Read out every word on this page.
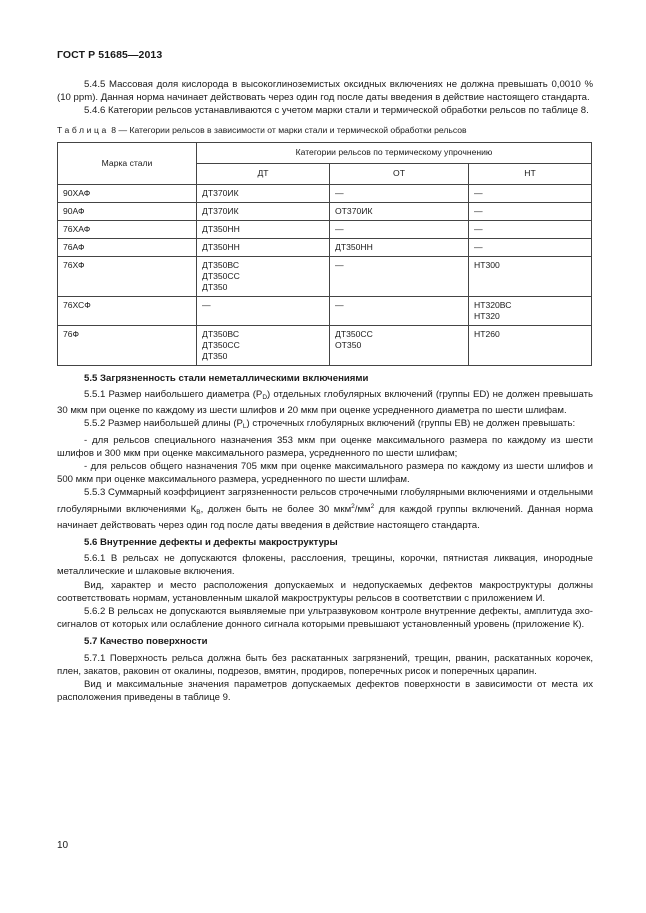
ГОСТ Р 51685—2013

5.4.5 Массовая доля кислорода в высокоглиноземистых оксидных включениях не должна превышать 0,0010 % (10 ppm). Данная норма начинает действовать через один год после даты введения в действие настоящего стандарта.

5.4.6 Категории рельсов устанавливаются с учетом марки стали и термической обработки рельсов по таблице 8.

Таблица 8 — Категории рельсов в зависимости от марки стали и термической обработки рельсов
Марка стали	Категории рельсов по термическому упрочнению		
	ДТ	ОТ	НТ
90ХАФ	ДТ370ИК	—	—
90АФ	ДТ370ИК	ОТ370ИК	—
76ХАФ	ДТ350НН	—	—
76АФ	ДТ350НН	ДТ350НН	—
76ХФ	ДТ350ВС
ДТ350СС
ДТ350	—	НТ300
76ХСФ	—	—	НТ320ВС
НТ320
76Ф	ДТ350ВС
ДТ350СС
ДТ350	ДТ350СС
ОТ350	НТ260

5.5 Загрязненность стали неметаллическими включениями

5.5.1 Размер наибольшего диаметра $(Р_D)$ отдельных глобулярных включений (группы ED) не должен превышать 30 мкм при оценке по каждому из шести шлифов и 20 мкм при оценке усредненного диаметра по шести шлифам.

5.5.2 Размер наибольшей длины $(Р_L)$ строчечных глобулярных включений (группы ЕВ) не должен превышать:

- для рельсов специального назначения 353 мкм при оценке максимального размера по каждому из шести шлифов и 300 мкм при оценке максимального размера, усредненного по шести шлифам;

- для рельсов общего назначения 705 мкм при оценке максимального размера по каждому из шести шлифов и 500 мкм при оценке максимального размера, усредненного по шести шлифам.

5.5.3 Суммарный коэффициент загрязненности рельсов строчечными глобулярными включениями и отдельными глобулярными включениями $К_В$, должен быть не более 30 $мкм^2/мм^2$ для каждой группы включений. Данная норма начинает действовать через один год после даты введения в действие настоящего стандарта.

5.6 Внутренние дефекты и дефекты макроструктуры

5.6.1 В рельсах не допускаются флокены, расслоения, трещины, корочки, пятнистая ликвация, инородные металлические и шлаковые включения.

Вид, характер и место расположения допускаемых и недопускаемых дефектов макроструктуры должны соответствовать нормам, установленным шкалой макроструктуры рельсов в соответствии с приложением И.

5.6.2 В рельсах не допускаются выявляемые при ультразвуковом контроле внутренние дефекты, амплитуда эхо-сигналов от которых или ослабление донного сигнала которыми превышают установленный уровень (приложение К).

5.7 Качество поверхности

5.7.1 Поверхность рельса должна быть без раскатанных загрязнений, трещин, рванин, раскатанных корочек, плен, закатов, раковин от окалины, подрезов, вмятин, продиров, поперечных рисок и поперечных царапин.

Вид и максимальные значения параметров допускаемых дефектов поверхности в зависимости от места их расположения приведены в таблице 9.

10
